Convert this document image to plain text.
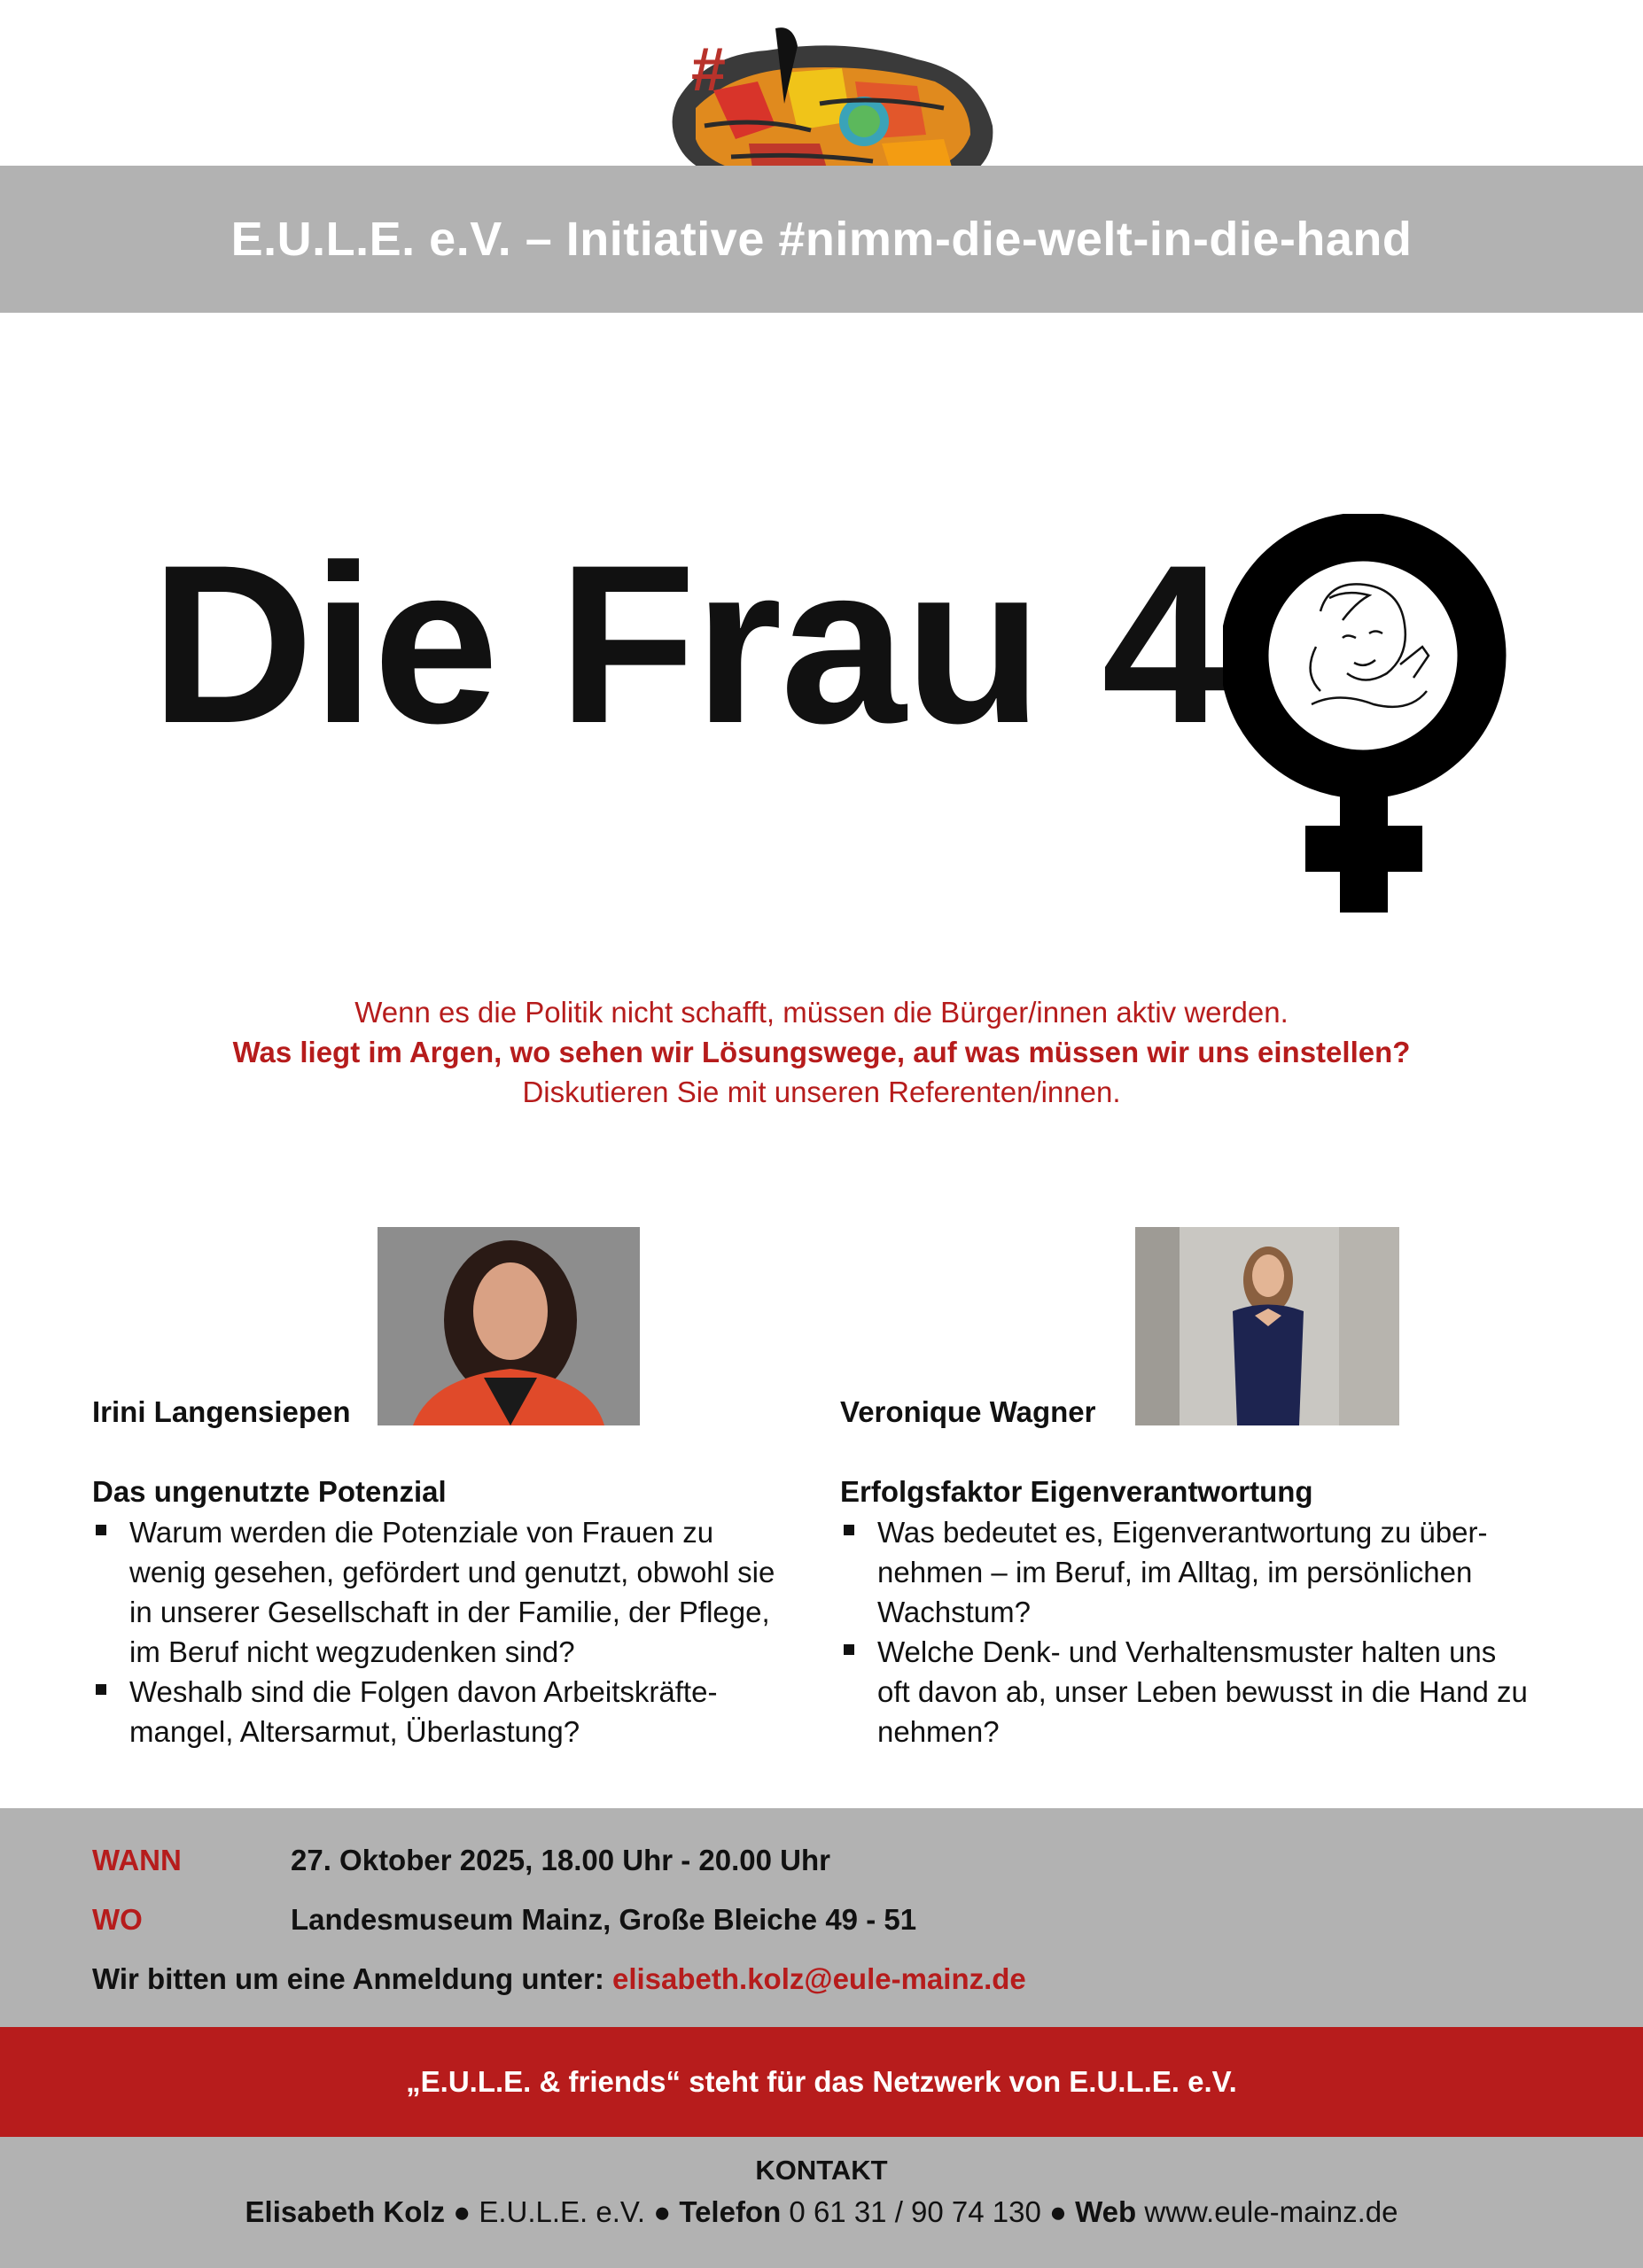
#
E.U.L.E. e.V. – Initiative #nimm-die-welt-in-die-hand
Die Frau 4.
Wenn es die Politik nicht schafft, müssen die Bürger/innen aktiv werden.
Was liegt im Argen, wo sehen wir Lösungswege, auf was müssen wir uns einstellen?
Diskutieren Sie mit unseren Referenten/innen.
Irini Langensiepen
Das ungenutzte Potenzial
Warum werden die Potenziale von Frauen zu
wenig gesehen, gefördert und genutzt, obwohl sie
in unserer Gesellschaft in der Familie, der Pflege,
im Beruf nicht wegzudenken sind?
Weshalb sind die Folgen davon Arbeitskräfte-
mangel, Altersarmut, Überlastung?
Veronique Wagner
Erfolgsfaktor Eigenverantwortung
Was bedeutet es, Eigenverantwortung zu über-
nehmen – im Beruf, im Alltag, im persönlichen
Wachstum?
Welche Denk- und Verhaltensmuster halten uns
oft davon ab, unser Leben bewusst in die Hand zu
nehmen?
WANN	27. Oktober 2025, 18.00 Uhr - 20.00 Uhr
WO	Landesmuseum Mainz, Große Bleiche 49 - 51
Wir bitten um eine Anmeldung unter: elisabeth.kolz@eule-mainz.de
„E.U.L.E. & friends“ steht für das Netzwerk von E.U.L.E. e.V.
KONTAKT
Elisabeth Kolz ● E.U.L.E. e.V. ● Telefon 0 61 31 / 90 74 130 ● Web www.eule-mainz.de
